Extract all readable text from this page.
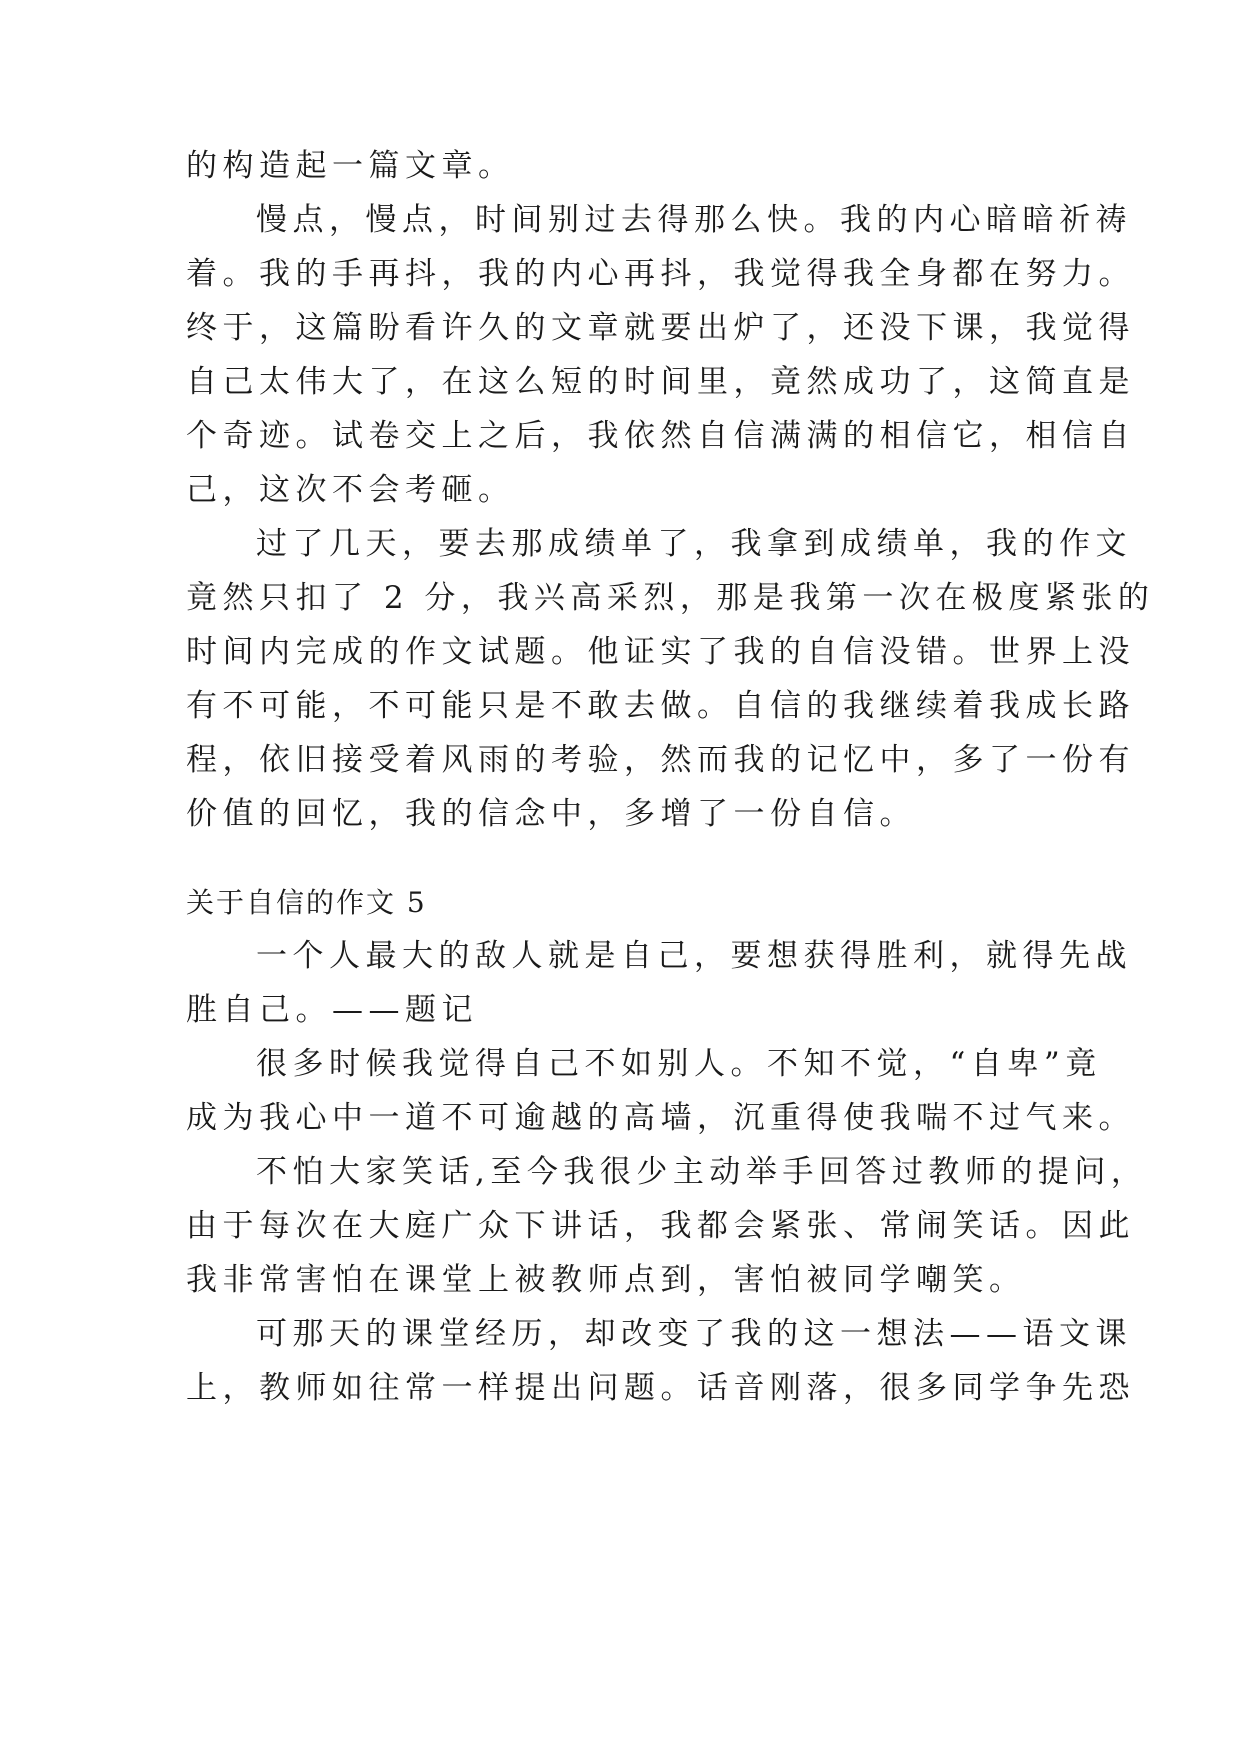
的构造起一篇文章。
慢点，慢点，时间别过去得那么快。我的内心暗暗祈祷
着。我的手再抖，我的内心再抖，我觉得我全身都在努力。
终于，这篇盼看许久的文章就要出炉了，还没下课，我觉得
自己太伟大了，在这么短的时间里，竟然成功了，这简直是
个奇迹。试卷交上之后，我依然自信满满的相信它，相信自
己，这次不会考砸。
过了几天，要去那成绩单了，我拿到成绩单，我的作文
竟然只扣了 2 分，我兴高采烈，那是我第一次在极度紧张的
时间内完成的作文试题。他证实了我的自信没错。世界上没
有不可能，不可能只是不敢去做。自信的我继续着我成长路
程，依旧接受着风雨的考验，然而我的记忆中，多了一份有
价值的回忆，我的信念中，多增了一份自信。
关于自信的作文 5
一个人最大的敌人就是自己，要想获得胜利，就得先战
胜自己。——题记
很多时候我觉得自己不如别人。不知不觉，“自卑”竟
成为我心中一道不可逾越的高墙，沉重得使我喘不过气来。
不怕大家笑话,至今我很少主动举手回答过教师的提问，
由于每次在大庭广众下讲话，我都会紧张、常闹笑话。因此
我非常害怕在课堂上被教师点到，害怕被同学嘲笑。
可那天的课堂经历，却改变了我的这一想法——语文课
上，教师如往常一样提出问题。话音刚落，很多同学争先恐
